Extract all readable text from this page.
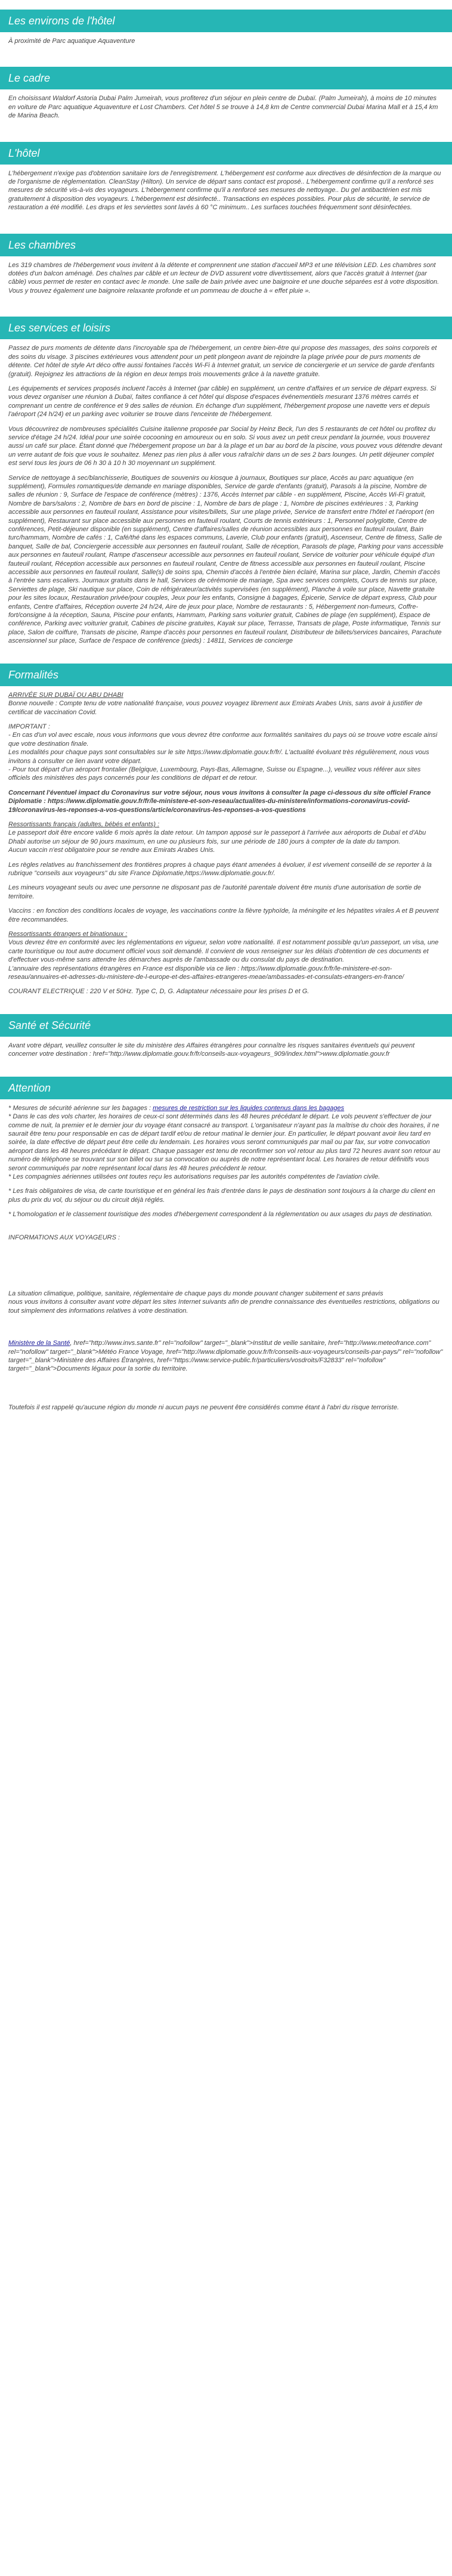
Les environs de l'hôtel

À proximité de Parc aquatique Aquaventure

Le cadre

En choisissant Waldorf Astoria Dubai Palm Jumeirah, vous profiterez d'un séjour en plein centre de Dubaï. (Palm Jumeirah), à moins de 10 minutes en voiture de Parc aquatique Aquaventure et Lost Chambers. Cet hôtel 5 se trouve à 14,8 km de Centre commercial Dubai Marina Mall et à 15,4 km de Marina Beach.

L'hôtel

L'hébergement n'exige pas d'obtention sanitaire lors de l'enregistrement. L'hébergement est conforme aux directives de désinfection de la marque ou de l'organisme de réglementation. CleanStay (Hilton). Un service de départ sans contact est proposé.. L'hébergement confirme qu'il a renforcé ses mesures de sécurité vis-à-vis des voyageurs. L'hébergement confirme qu'il a renforcé ses mesures de nettoyage.. Du gel antibactérien est mis gratuitement à disposition des voyageurs. L'hébergement est désinfecté.. Transactions en espèces possibles. Pour plus de sécurité, le service de restauration a été modifié. Les draps et les serviettes sont lavés à 60 °C minimum.. Les surfaces touchées fréquemment sont désinfectées.

Les chambres

Les 319 chambres de l'hébergement vous invitent à la détente et comprennent une station d'accueil MP3 et une télévision LED. Les chambres sont dotées d'un balcon aménagé. Des chaînes par câble et un lecteur de DVD assurent votre divertissement, alors que l'accès gratuit à Internet (par câble) vous permet de rester en contact avec le monde. Une salle de bain privée avec une baignoire et une douche séparées est à votre disposition. Vous y trouvez également une baignoire relaxante profonde et un pommeau de douche à « effet pluie ».

Les services et loisirs

Passez de purs moments de détente dans l'incroyable spa de l'hébergement, un centre bien-être qui propose des massages, des soins corporels et des soins du visage. 3 piscines extérieures vous attendent pour un petit plongeon avant de rejoindre la plage privée pour de purs moments de détente. Cet hôtel de style Art déco offre aussi fontaines l'accès Wi-Fi à Internet gratuit, un service de conciergerie et un service de garde d'enfants (gratuit). Rejoignez les attractions de la région en deux temps trois mouvements grâce à la navette gratuite.

Les équipements et services proposés incluent l'accès à Internet (par câble) en supplément, un centre d'affaires et un service de départ express. Si vous devez organiser une réunion à Dubaï, faites confiance à cet hôtel qui dispose d'espaces événementiels mesurant 1376 mètres carrés et comprenant un centre de conférence et 9 des salles de réunion. En échange d'un supplément, l'hébergement propose une navette vers et depuis l'aéroport (24 h/24) et un parking avec voiturier se trouve dans l'enceinte de l'hébergement.

Vous découvrirez de nombreuses spécialités Cuisine italienne proposée par Social by Heinz Beck, l'un des 5 restaurants de cet hôtel ou profitez du service d'étage 24 h/24. Idéal pour une soirée cocooning en amoureux ou en solo. Si vous avez un petit creux pendant la journée, vous trouverez aussi un café sur place. Étant donné que l'hébergement propose un bar à la plage et un bar au bord de la piscine, vous pouvez vous détendre devant un verre autant de fois que vous le souhaitez. Menez pas rien plus à aller vous rafraîchir dans un de ses 2 bars lounges. Un petit déjeuner complet est servi tous les jours de 06 h 30 à 10 h 30 moyennant un supplément.

Service de nettoyage à sec/blanchisserie, Boutiques de souvenirs ou kiosque à journaux, Boutiques sur place, Accès au parc aquatique (en supplément), Formules romantiques/de demande en mariage disponibles, Service de garde d'enfants (gratuit), Parasols à la piscine, Nombre de salles de réunion : 9, Surface de l'espace de conférence (mètres) : 1376, Accès Internet par câble - en supplément, Piscine, Accès Wi-Fi gratuit, Nombre de bars/salons : 2, Nombre de bars en bord de piscine : 1, Nombre de bars de plage : 1, Nombre de piscines extérieures : 3, Parking accessible aux personnes en fauteuil roulant, Assistance pour visites/billets, Sur une plage privée, Service de transfert entre l'hôtel et l'aéroport (en supplément), Restaurant sur place accessible aux personnes en fauteuil roulant, Courts de tennis extérieurs : 1, Personnel polyglotte, Centre de conférences, Petit-déjeuner disponible (en supplément), Centre d'affaires/salles de réunion accessibles aux personnes en fauteuil roulant, Bain turc/hammam, Nombre de cafés : 1, Café/thé dans les espaces communs, Laverie, Club pour enfants (gratuit), Ascenseur, Centre de fitness, Salle de banquet, Salle de bal, Conciergerie accessible aux personnes en fauteuil roulant, Salle de réception, Parasols de plage, Parking pour vans accessible aux personnes en fauteuil roulant, Rampe d'ascenseur accessible aux personnes en fauteuil roulant, Service de voiturier pour véhicule équipé d'un fauteuil roulant, Réception accessible aux personnes en fauteuil roulant, Centre de fitness accessible aux personnes en fauteuil roulant, Piscine accessible aux personnes en fauteuil roulant, Salle(s) de soins spa, Chemin d'accès à l'entrée bien éclairé, Marina sur place, Jardin, Chemin d'accès à l'entrée sans escaliers. Journaux gratuits dans le hall, Services de cérémonie de mariage, Spa avec services complets, Cours de tennis sur place, Serviettes de plage, Ski nautique sur place, Coin de réfrigérateur/activités supervisées (en supplément), Planche à voile sur place, Navette gratuite pour les sites locaux, Restauration privée/pour couples, Jeux pour les enfants, Consigne à bagages, Épicerie, Service de départ express, Club pour enfants, Centre d'affaires, Réception ouverte 24 h/24, Aire de jeux pour place, Nombre de restaurants : 5, Hébergement non-fumeurs, Coffre-fort/consigne à la réception, Sauna, Piscine pour enfants, Hammam, Parking sans voiturier gratuit, Cabines de plage (en supplément), Espace de conférence, Parking avec voiturier gratuit, Cabines de piscine gratuites, Kayak sur place, Terrasse, Transats de plage, Poste informatique, Tennis sur place, Salon de coiffure, Transats de piscine, Rampe d'accès pour personnes en fauteuil roulant, Distributeur de billets/services bancaires, Parachute ascensionnel sur place, Surface de l'espace de conférence (pieds) : 14811, Services de concierge

Formalités

ARRIVÉE SUR DUBAÏ OU ABU DHABI

Bonne nouvelle : Compte tenu de votre nationalité française, vous pouvez voyagez librement aux Emirats Arabes Unis, sans avoir à justifier de certificat de vaccination Covid.

IMPORTANT :

- En cas d'un vol avec escale, nous vous informons que vous devrez être conforme aux formalités sanitaires du pays où se trouve votre escale ainsi que votre destination finale.
Les modalités pour chaque pays sont consultables sur le site https://www.diplomatie.gouv.fr/fr/. L'actualité évoluant très régulièrement, nous vous invitons à consulter ce lien avant votre départ.
- Pour tout départ d'un aéroport frontalier (Belgique, Luxembourg, Pays-Bas, Allemagne, Suisse ou Espagne...), veuillez vous référer aux sites officiels des ministères des pays concernés pour les conditions de départ et de retour.

Concernant l'éventuel impact du Coronavirus sur votre séjour, nous vous invitons à consulter la page ci-dessous du site officiel France Diplomatie : https://www.diplomatie.gouv.fr/fr/le-ministere-et-son-reseau/actualites-du-ministere/informations-coronavirus-covid-19/coronavirus-les-reponses-a-vos-questions/article/coronavirus-les-reponses-a-vos-questions

Ressortissants français (adultes, bébés et enfants) :

Le passeport doit être encore valide 6 mois après la date retour. Un tampon apposé sur le passeport à l'arrivée aux aéroports de Dubaï et d'Abu Dhabi autorise un séjour de 90 jours maximum, en une ou plusieurs fois, sur une période de 180 jours à compter de la date du tampon.
Aucun vaccin n'est obligatoire pour se rendre aux Emirats Arabes Unis.

Les règles relatives au franchissement des frontières propres à chaque pays étant amenées à évoluer, il est vivement conseillé de se reporter à la rubrique "conseils aux voyageurs" du site France Diplomatie,https://www.diplomatie.gouv.fr/.

Les mineurs voyageant seuls ou avec une personne ne disposant pas de l'autorité parentale doivent être munis d'une autorisation de sortie de territoire.

Vaccins : en fonction des conditions locales de voyage, les vaccinations contre la fièvre typhoïde, la méningite et les hépatites virales A et B peuvent être recommandées.

Ressortissants étrangers et binationaux :

Vous devrez être en conformité avec les réglementations en vigueur, selon votre nationalité. Il est notamment possible qu'un passeport, un visa, une carte touristique ou tout autre document officiel vous soit demandé. Il convient de vous renseigner sur les délais d'obtention de ces documents et d'effectuer vous-même sans attendre les démarches auprès de l'ambassade ou du consulat du pays de destination.
L'annuaire des représentations étrangères en France est disponible via ce lien : https://www.diplomatie.gouv.fr/fr/le-ministere-et-son-reseau/annuaires-et-adresses-du-ministere-de-l-europe-et-des-affaires-etrangeres-meae/ambassades-et-consulats-etrangers-en-france/

COURANT ELECTRIQUE : 220 V et 50Hz. Type C, D, G. Adaptateur nécessaire pour les prises D et G.

Santé et Sécurité

Avant votre départ, veuillez consulter le site du ministère des Affaires étrangères pour connaître les risques sanitaires éventuels qui peuvent concerner votre destination : href="http://www.diplomatie.gouv.fr/fr/conseils-aux-voyageurs_909/index.html">www.diplomatie.gouv.fr

Attention

* Mesures de sécurité aérienne sur les bagages : mesures de restriction sur les liquides contenus dans les bagages

* Dans le cas des vols charter, les horaires de ceux-ci sont déterminés dans les 48 heures précédant le départ. Le vols peuvent s'effectuer de jour comme de nuit, la premier et le dernier jour du voyage étant consacré au transport. L'organisateur n'ayant pas la maîtrise du choix des horaires, il ne saurait être tenu pour responsable en cas de départ tardif et/ou de retour matinal le dernier jour. En particulier, le départ pouvant avoir lieu tard en soirée, la date effective de départ peut être celle du lendemain. Les horaires vous seront communiqués par mail ou par fax, sur votre convocation aéroport dans les 48 heures précédant le départ. Chaque passager est tenu de reconfirmer son vol retour au plus tard 72 heures avant son retour au numéro de téléphone se trouvant sur son billet ou sur sa convocation ou auprès de notre représentant local. Les horaires de retour définitifs vous seront communiqués par notre représentant local dans les 48 heures précédent le retour.
* Les compagnies aériennes utilisées ont toutes reçu les autorisations requises par les autorités compétentes de l'aviation civile.

* Les frais obligatoires de visa, de carte touristique et en général les frais d'entrée dans le pays de destination sont toujours à la charge du client en plus du prix du vol, du séjour ou du circuit déjà réglés.

* L'homologation et le classement touristique des modes d'hébergement correspondent à la réglementation ou aux usages du pays de destination.

INFORMATIONS AUX VOYAGEURS :

La situation climatique, politique, sanitaire, réglementaire de chaque pays du monde pouvant changer subitement et sans préavis
nous vous invitons à consulter avant votre départ les sites Internet suivants afin de prendre connaissance des éventuelles restrictions, obligations ou tout simplement des informations relatives à votre destination.

Ministère de la Santé, href="http://www.invs.sante.fr" rel="nofollow" target="_blank">Institut de veille sanitaire, href="http://www.meteofrance.com" rel="nofollow" target="_blank">Météo France Voyage, href="http://www.diplomatie.gouv.fr/fr/conseils-aux-voyageurs/conseils-par-pays/" rel="nofollow" target="_blank">Ministère des Affaires Étrangères, href="https://www.service-public.fr/particuliers/vosdroits/F32833" rel="nofollow" target="_blank">Documents légaux pour la sortie du territoire.

Toutefois il est rappelé qu'aucune région du monde ni aucun pays ne peuvent être considérés comme étant à l'abri du risque terroriste.
